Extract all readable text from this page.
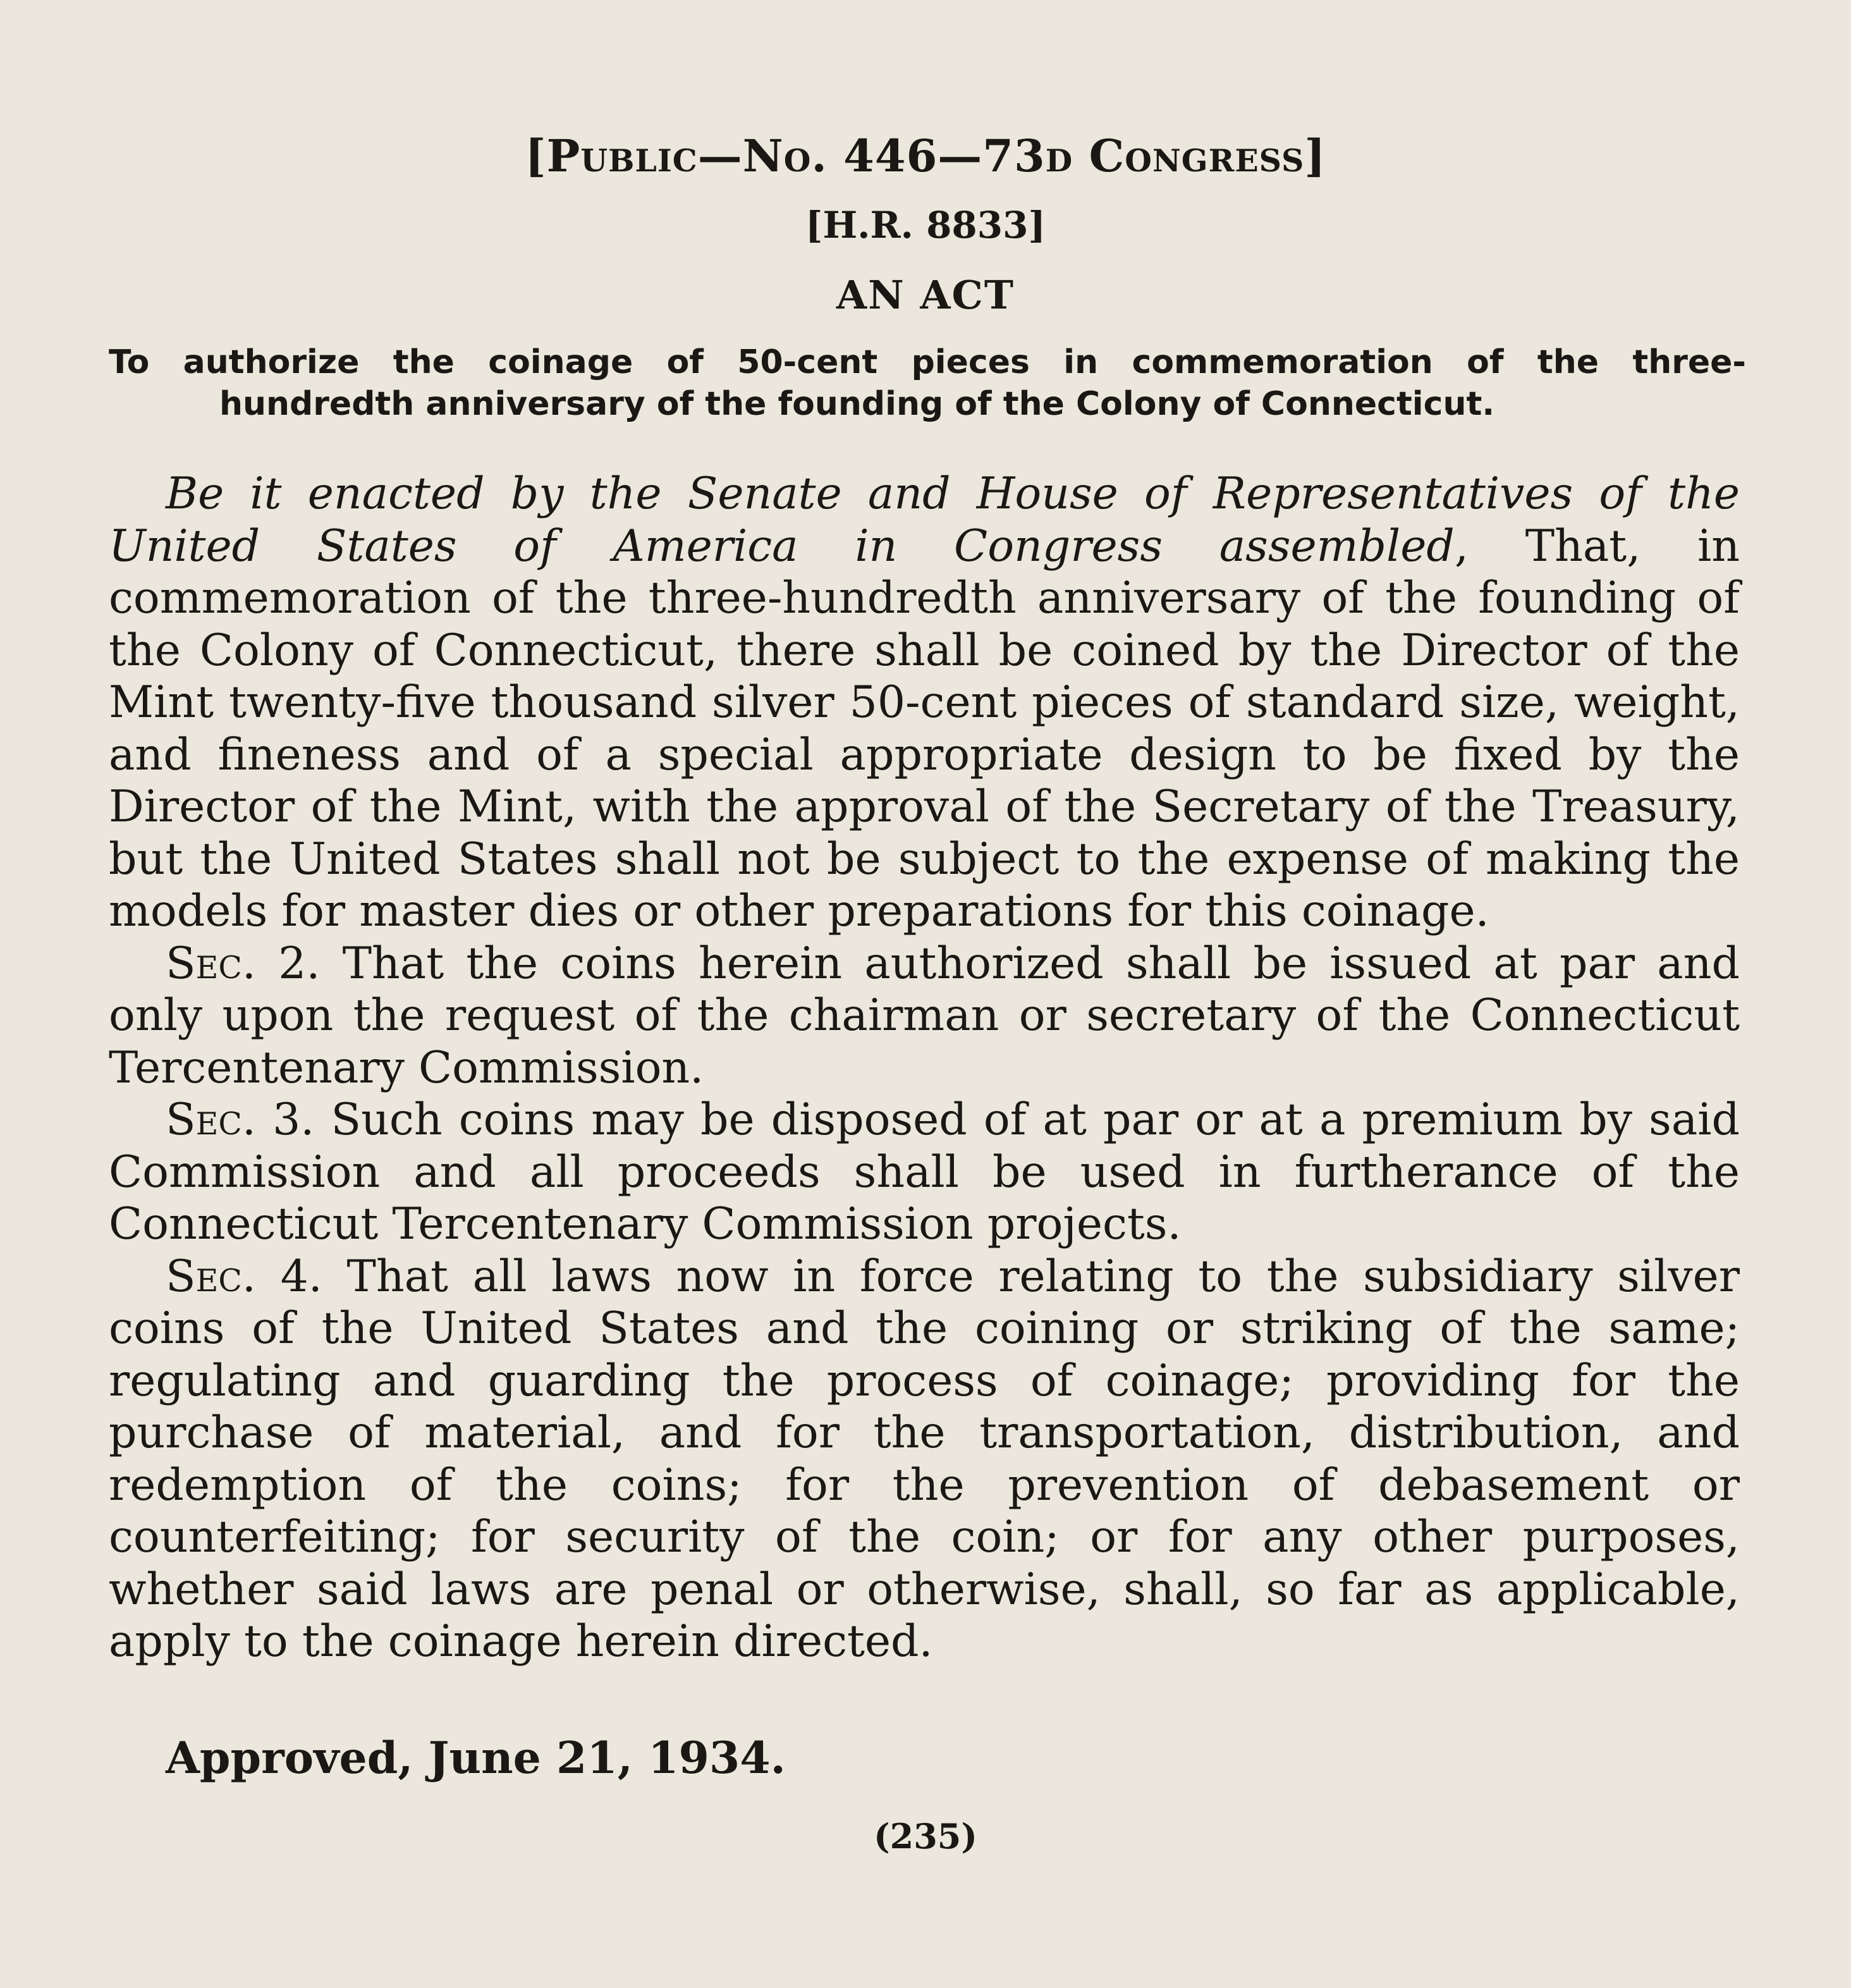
[Public—No. 446—73d Congress]
[H.R. 8833]
AN ACT
To authorize the coinage of 50-cent pieces in commemoration of the three-
hundredth anniversary of the founding of the Colony of Connecticut.

Be it enacted by the Senate and House of Representatives of the United States of America in Congress assembled, That, in commemoration of the three-hundredth anniversary of the founding of the Colony of Connecticut, there shall be coined by the Director of the Mint twenty-five thousand silver 50-cent pieces of standard size, weight, and fineness and of a special appropriate design to be fixed by the Director of the Mint, with the approval of the Secretary of the Treasury, but the United States shall not be subject to the expense of making the models for master dies or other preparations for this coinage.

Sec. 2. That the coins herein authorized shall be issued at par and only upon the request of the chairman or secretary of the Connecticut Tercentenary Commission.

Sec. 3. Such coins may be disposed of at par or at a premium by said Commission and all proceeds shall be used in furtherance of the Connecticut Tercentenary Commission projects.

Sec. 4. That all laws now in force relating to the subsidiary silver coins of the United States and the coining or striking of the same; regulating and guarding the process of coinage; providing for the purchase of material, and for the transportation, distribution, and redemption of the coins; for the prevention of debasement or counterfeiting; for security of the coin; or for any other purposes, whether said laws are penal or otherwise, shall, so far as applicable, apply to the coinage herein directed.

Approved, June 21, 1934.
(235)
